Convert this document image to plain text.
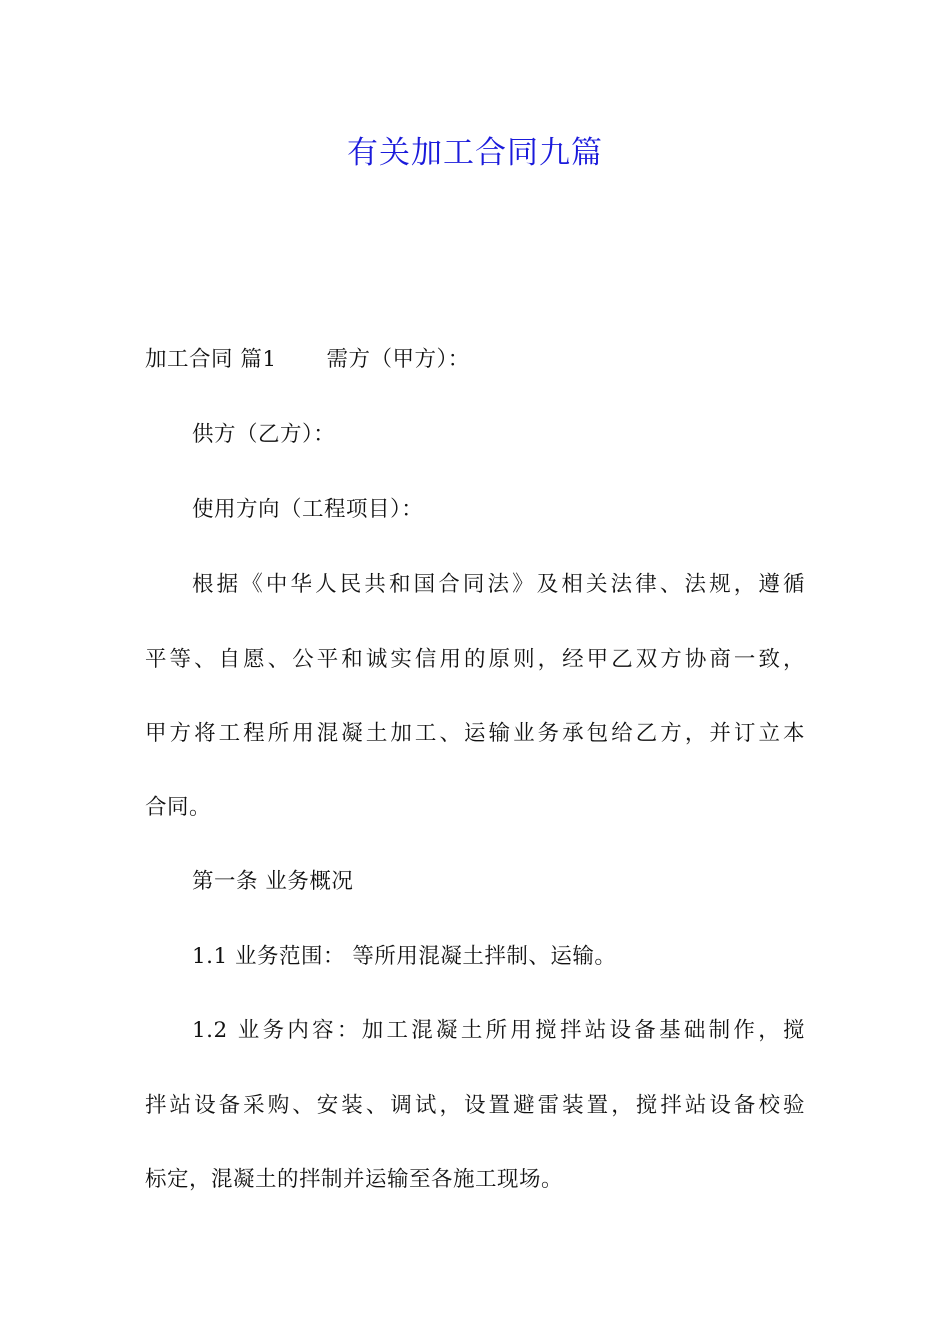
有关加工合同九篇
加工合同 篇1 需方（甲方）：
供方（乙方）：
使用方向（工程项目）：
根据《中华人民共和国合同法》及相关法律、法规，遵循
平等、自愿、公平和诚实信用的原则，经甲乙双方协商一致，
甲方将工程所用混凝土加工、运输业务承包给乙方，并订立本
合同。
第一条 业务概况
1.1 业务范围： 等所用混凝土拌制、运输。
1.2 业务内容：加工混凝土所用搅拌站设备基础制作，搅
拌站设备采购、安装、调试，设置避雷装置，搅拌站设备校验
标定，混凝土的拌制并运输至各施工现场。
